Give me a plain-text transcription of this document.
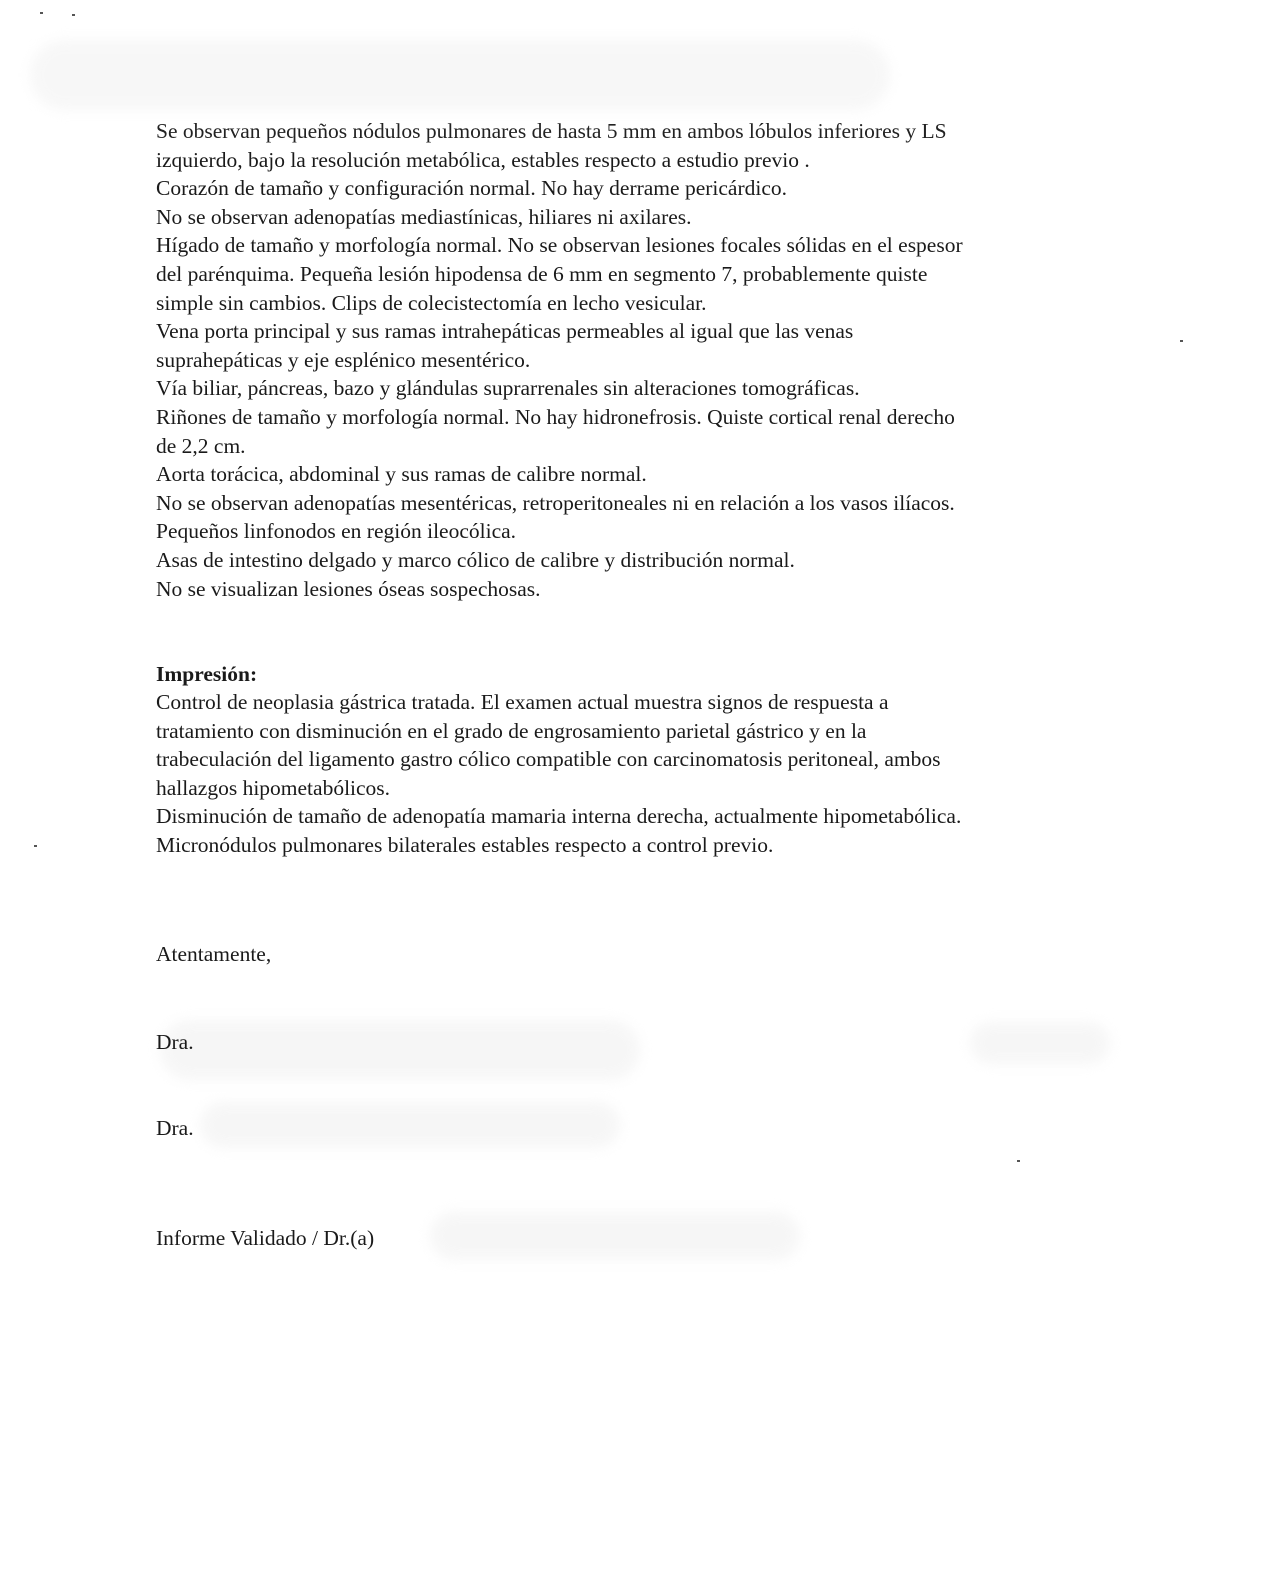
Se observan pequeños nódulos pulmonares de hasta 5 mm en ambos lóbulos inferiores y LS
izquierdo, bajo la resolución metabólica, estables respecto a estudio previo .
Corazón de tamaño y configuración normal. No hay derrame pericárdico.
No se observan adenopatías mediastínicas, hiliares ni axilares.
Hígado de tamaño y morfología normal. No se observan lesiones focales sólidas en el espesor
del parénquima. Pequeña lesión hipodensa de 6 mm en segmento 7, probablemente quiste
simple sin cambios. Clips de colecistectomía en lecho vesicular.
Vena porta principal y sus ramas intrahepáticas permeables al igual que las venas
suprahepáticas y eje esplénico mesentérico.
Vía biliar, páncreas, bazo y glándulas suprarrenales sin alteraciones tomográficas.
Riñones de tamaño y morfología normal. No hay hidronefrosis. Quiste cortical renal derecho
de 2,2 cm.
Aorta torácica, abdominal y sus ramas de calibre normal.
No se observan adenopatías mesentéricas, retroperitoneales ni en relación a los vasos ilíacos.
Pequeños linfonodos en región ileocólica.
Asas de intestino delgado y marco cólico de calibre y distribución normal.
No se visualizan lesiones óseas sospechosas.
Impresión:
Control de neoplasia gástrica tratada. El examen actual muestra signos de respuesta a
tratamiento con disminución en el grado de engrosamiento parietal gástrico y en la
trabeculación del ligamento gastro cólico compatible con carcinomatosis peritoneal, ambos
hallazgos hipometabólicos.
Disminución de tamaño de adenopatía mamaria interna derecha, actualmente hipometabólica.
Micronódulos pulmonares bilaterales estables respecto a control previo.
Atentamente,
Dra.
Dra.
Informe Validado / Dr.(a)
